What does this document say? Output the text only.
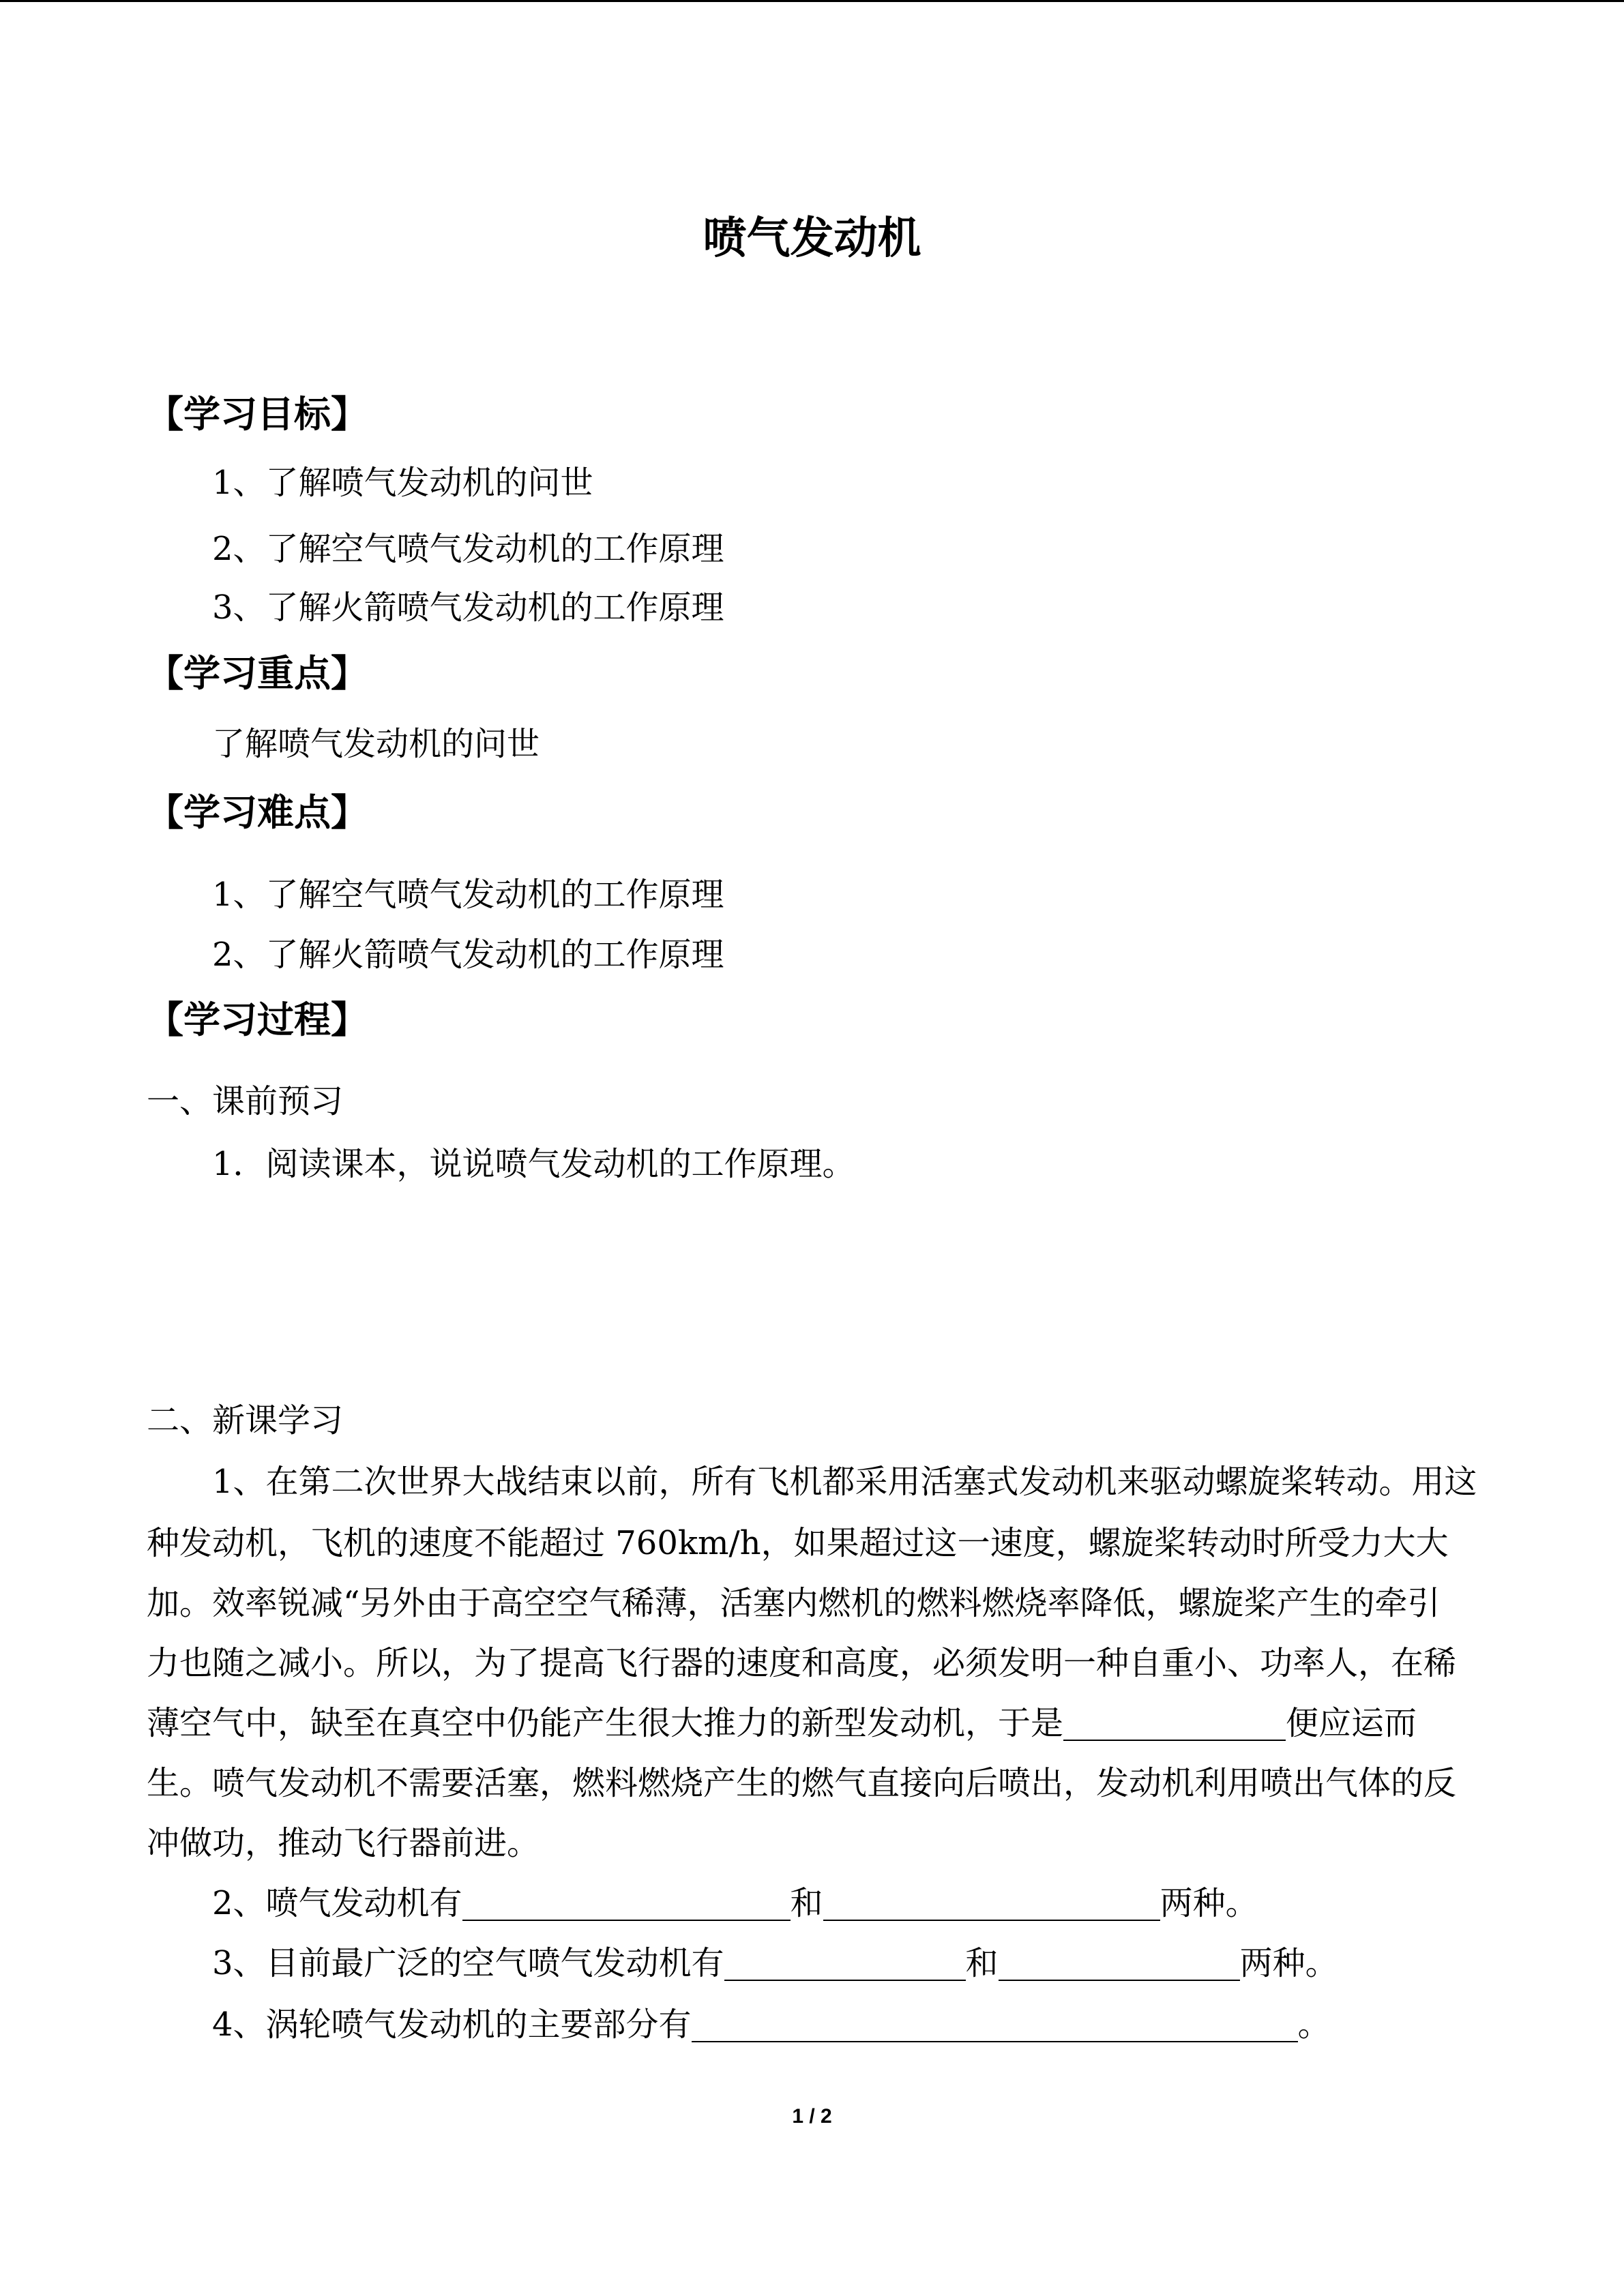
喷气发动机
【学习目标】
1、了解喷气发动机的问世
2、了解空气喷气发动机的工作原理
3、了解火箭喷气发动机的工作原理
【学习重点】
了解喷气发动机的问世
【学习难点】
1、了解空气喷气发动机的工作原理
2、了解火箭喷气发动机的工作原理
【学习过程】
一、课前预习
1．阅读课本，说说喷气发动机的工作原理。
二、新课学习
1、在第二次世界大战结束以前，所有飞机都采用活塞式发动机来驱动螺旋桨转动。用这
种发动机，飞机的速度不能超过 760km/h，如果超过这一速度，螺旋桨转动时所受力大大
加。效率锐减“另外由于高空空气稀薄，活塞内燃机的燃料燃烧率降低，螺旋桨产生的牵引
力也随之减小。所以，为了提高飞行器的速度和高度，必须发明一种自重小、功率人，在稀
薄空气中，缺至在真空中仍能产生很大推力的新型发动机，于是	便应运而
生。喷气发动机不需要活塞，燃料燃烧产生的燃气直接向后喷出，发动机利用喷出气体的反
冲做功，推动飞行器前进。
2、喷气发动机有	和	两种。
3、目前最广泛的空气喷气发动机有	和	两种。
4、涡轮喷气发动机的主要部分有	。
1 / 2
